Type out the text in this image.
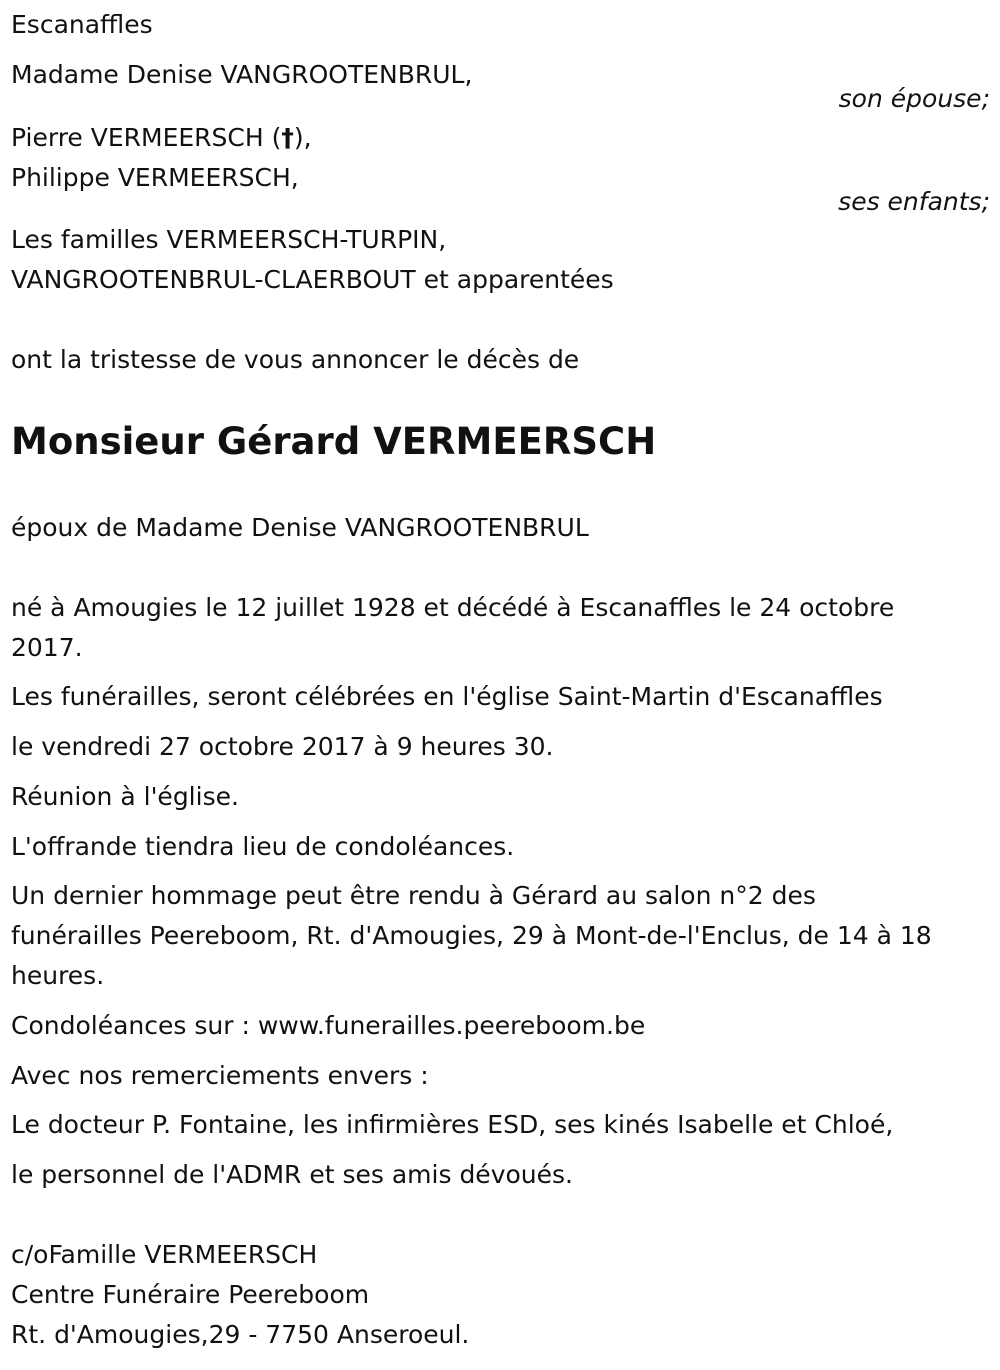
Escanaffles
Madame Denise VANGROOTENBRUL,
son épouse;
Pierre VERMEERSCH (†),
Philippe VERMEERSCH,
ses enfants;
Les familles VERMEERSCH-TURPIN,
VANGROOTENBRUL-CLAERBOUT et apparentées
ont la tristesse de vous annoncer le décès de
Monsieur Gérard VERMEERSCH
époux de Madame Denise VANGROOTENBRUL
né à Amougies le 12 juillet 1928 et décédé à Escanaffles le 24 octobre
2017.
Les funérailles, seront célébrées en l'église Saint-Martin d'Escanaffles
le vendredi 27 octobre 2017 à 9 heures 30.
Réunion à l'église.
L'offrande tiendra lieu de condoléances.
Un dernier hommage peut être rendu à Gérard au salon n°2 des
funérailles Peereboom, Rt. d'Amougies, 29 à Mont-de-l'Enclus, de 14 à 18
heures.
Condoléances sur : www.funerailles.peereboom.be
Avec nos remerciements envers :
Le docteur P. Fontaine, les infirmières ESD, ses kinés Isabelle et Chloé,
le personnel de l'ADMR et ses amis dévoués.
c/oFamille VERMEERSCH
Centre Funéraire Peereboom
Rt. d'Amougies,29 - 7750 Anseroeul.
